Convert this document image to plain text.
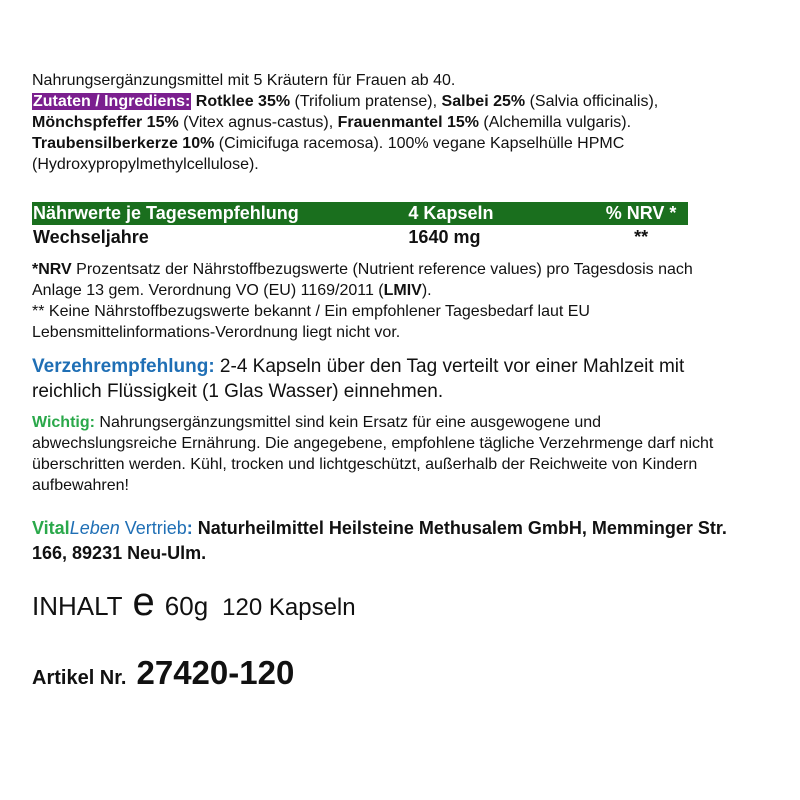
Nahrungsergänzungsmittel mit 5 Kräutern für Frauen ab 40.

Zutaten / Ingrediens: Rotklee 35% (Trifolium pratense), Salbei 25% (Salvia officinalis), Mönchspfeffer 15% (Vitex agnus-castus), Frauenmantel 15% (Alchemilla vulgaris). Traubensilberkerze 10% (Cimicifuga racemosa). 100% vegane Kapselhülle HPMC (Hydroxypropylmethylcellulose).

Nährwerte je Tagesempfehlung	4 Kapseln	% NRV *
Wechseljahre	1640 mg	**

*NRV Prozentsatz der Nährstoffbezugswerte (Nutrient reference values) pro Tagesdosis nach Anlage 13 gem. Verordnung VO (EU) 1169/2011 (LMIV).

** Keine Nährstoffbezugswerte bekannt / Ein empfohlener Tagesbedarf laut EU Lebensmittelinformations-Verordnung liegt nicht vor.

Verzehrempfehlung: 2-4 Kapseln über den Tag verteilt vor einer Mahlzeit mit reichlich Flüssigkeit (1 Glas Wasser) einnehmen.

Wichtig: Nahrungsergänzungsmittel sind kein Ersatz für eine ausgewogene und abwechslungsreiche Ernährung. Die angegebene, empfohlene tägliche Verzehrmenge darf nicht überschritten werden. Kühl, trocken und lichtgeschützt, außerhalb der Reichweite von Kindern aufbewahren!

VitalLeben Vertrieb: Naturheilmittel Heilsteine Methusalem GmbH, Memminger Str. 166, 89231 Neu-Ulm.

INHALT e 60g 120 Kapseln
Artikel Nr. 27420-120
